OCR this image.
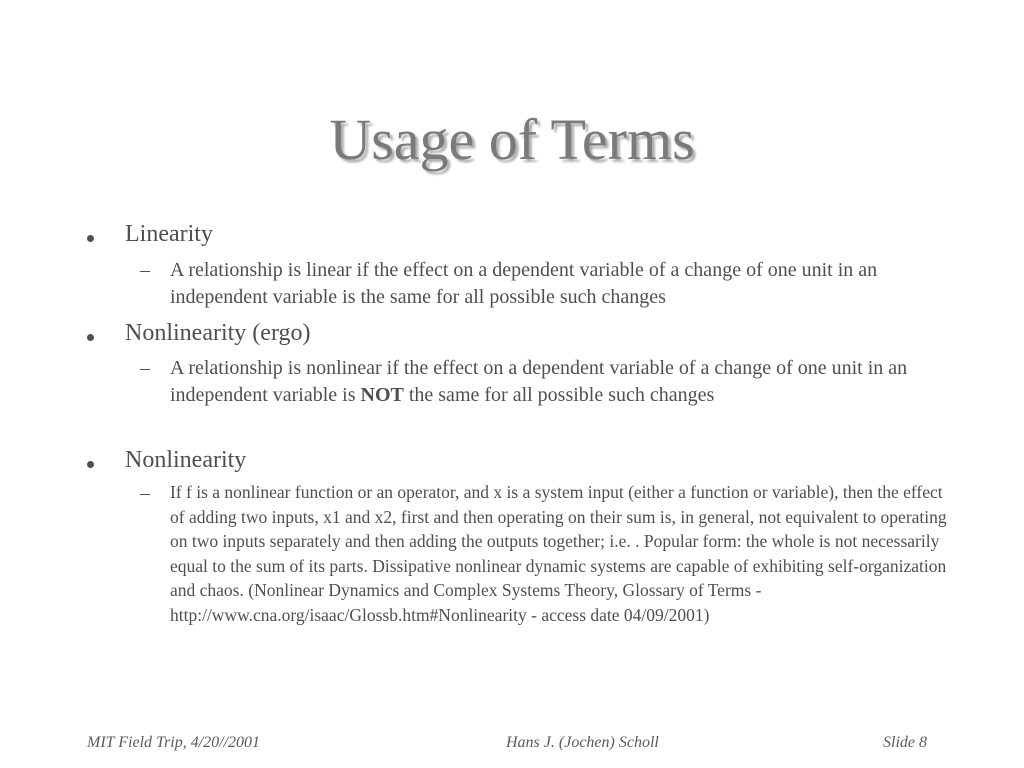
Usage of Terms
Linearity
– A relationship is linear if the effect on a dependent variable of a change of one unit in an independent variable is the same for all possible such changes
Nonlinearity (ergo)
– A relationship is nonlinear if the effect on a dependent variable of a change of one unit in an independent variable is NOT the same for all possible such changes
Nonlinearity
– If f is a nonlinear function or an operator, and x is a system input (either a function or variable), then the effect of adding two inputs, x1 and x2, first and then operating on their sum is, in general, not equivalent to operating on two inputs separately and then adding the outputs together; i.e. . Popular form: the whole is not necessarily equal to the sum of its parts. Dissipative nonlinear dynamic systems are capable of exhibiting self-organization and chaos. (Nonlinear Dynamics and Complex Systems Theory, Glossary of Terms - http://www.cna.org/isaac/Glossb.htm#Nonlinearity - access date 04/09/2001)
MIT Field Trip, 4/20//2001	Hans J. (Jochen) Scholl	Slide 8
